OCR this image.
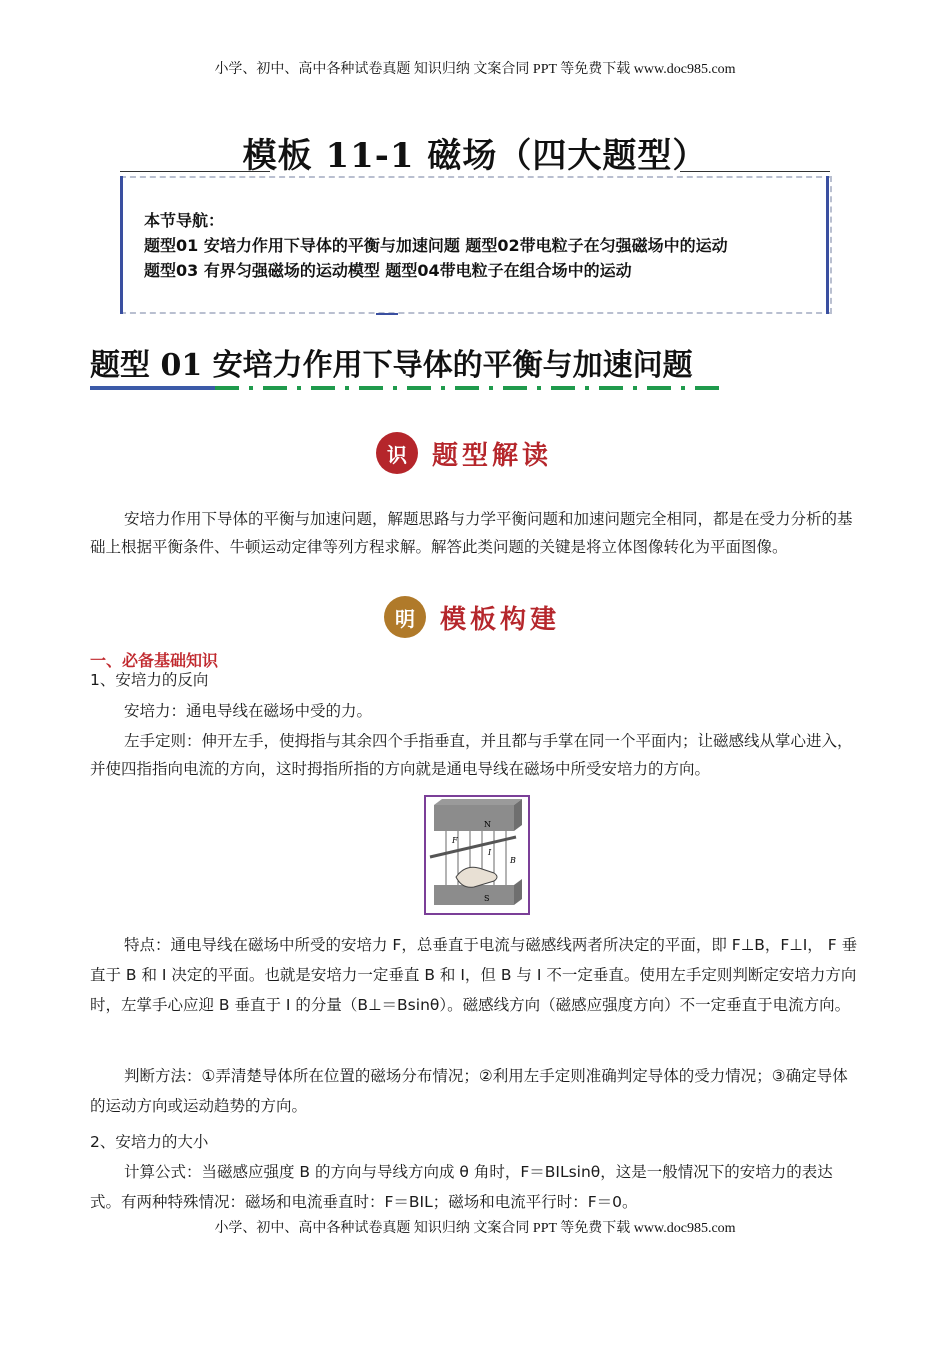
小学、初中、高中各种试卷真题 知识归纳 文案合同 PPT 等免费下载 www.doc985.com
模板 11-1 磁场（四大题型）
本节导航：
题型01 安培力作用下导体的平衡与加速问题 题型02带电粒子在匀强磁场中的运动
题型03 有界匀强磁场的运动模型 题型04带电粒子在组合场中的运动
题型 01 安培力作用下导体的平衡与加速问题
识 题型解读
安培力作用下导体的平衡与加速问题，解题思路与力学平衡问题和加速问题完全相同，都是在受力分析的基础上根据平衡条件、牛顿运动定律等列方程求解。解答此类问题的关键是将立体图像转化为平面图像。
明 模板构建
一、必备基础知识
1、安培力的反向
安培力：通电导线在磁场中受的力。
左手定则：伸开左手，使拇指与其余四个手指垂直，并且都与手掌在同一个平面内；让磁感线从掌心进入，并使四指指向电流的方向，这时拇指所指的方向就是通电导线在磁场中所受安培力的方向。
N
S
F
I
B
特点：通电导线在磁场中所受的安培力 F，总垂直于电流与磁感线两者所决定的平面，即 F⊥B，F⊥I， F 垂直于 B 和 I 决定的平面。也就是安培力一定垂直 B 和 I，但 B 与 I 不一定垂直。使用左手定则判断定安培力方向时，左掌手心应迎 B 垂直于 I 的分量（B⊥＝Bsinθ）。磁感线方向（磁感应强度方向）不一定垂直于电流方向。
判断方法：①弄清楚导体所在位置的磁场分布情况；②利用左手定则准确判定导体的受力情况；③确定导体的运动方向或运动趋势的方向。
2、安培力的大小
计算公式：当磁感应强度 B 的方向与导线方向成 θ 角时，F＝BILsinθ，这是一般情况下的安培力的表达式。有两种特殊情况：磁场和电流垂直时：F＝BIL；磁场和电流平行时：F＝0。
小学、初中、高中各种试卷真题 知识归纳 文案合同 PPT 等免费下载 www.doc985.com
